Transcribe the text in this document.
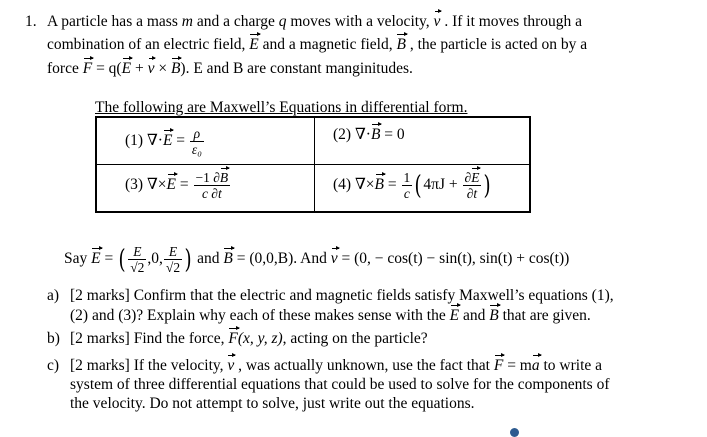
1. A particle has a mass m and a charge q moves with a velocity, v . If it moves through a
combination of an electric field, E and a magnetic field, B , the particle is acted on by a
force F = q(E + v × B). E and B are constant manginitudes.
The following are Maxwell’s Equations in differential form.
(1) $\nabla\cdot E = \frac{\rho}{\text{ε₀}}$	(2) ∇·B = 0
(3) $\nabla\times E = \frac{-1 \partial B}{c \partial t}$	(4) $\nabla\times B = \frac{1}{c} (4\pi J + \frac{\partial E}{\partial t}$ )
Say E = ( $\frac{E}{√2} ,0$, $\frac{E}{√2}$ ) and B = (0,0,B). And v = (0, − cos(t) − sin(t), sin(t) + cos(t))
a) [2 marks] Confirm that the electric and magnetic fields satisfy Maxwell’s equations (1),
(2) and (3)? Explain why each of these makes sense with the E and B that are given.
b) [2 marks] Find the force, F(x, y, z), acting on the particle?
c) [2 marks] If the velocity, v , was actually unknown, use the fact that F = ma to write a
system of three differential equations that could be used to solve for the components of
the velocity. Do not attempt to solve, just write out the equations.
